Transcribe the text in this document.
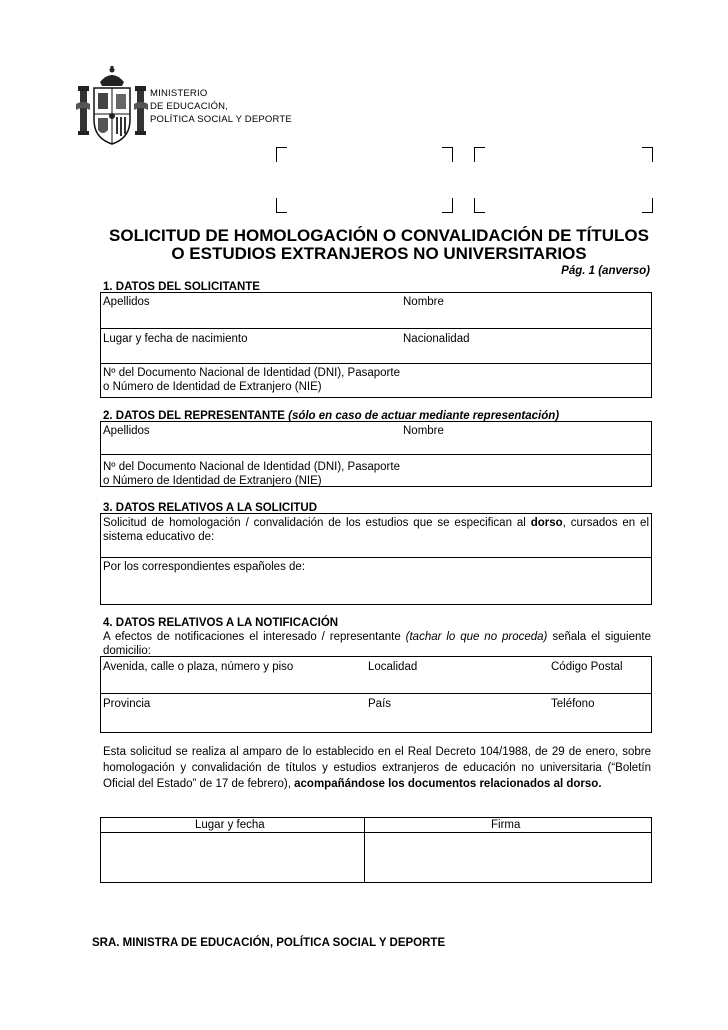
MINISTERIO
DE EDUCACIÓN,
POLÍTICA SOCIAL Y DEPORTE
SOLICITUD DE HOMOLOGACIÓN O CONVALIDACIÓN DE TÍTULOS
O ESTUDIOS EXTRANJEROS NO UNIVERSITARIOS
Pág. 1 (anverso)
1. DATOS DEL SOLICITANTE
Apellidos	Nombre
Lugar y fecha de nacimiento	Nacionalidad
Nº del Documento Nacional de Identidad (DNI), Pasaporte
o Número de Identidad de Extranjero (NIE)
2. DATOS DEL REPRESENTANTE (sólo en caso de actuar mediante representación)
Apellidos	Nombre
Nº del Documento Nacional de Identidad (DNI), Pasaporte
o Número de Identidad de Extranjero (NIE)
3. DATOS RELATIVOS A LA SOLICITUD
Solicitud de homologación / convalidación de los estudios que se especifican al dorso, cursados en el sistema educativo de:
Por los correspondientes españoles de:
4. DATOS RELATIVOS A LA NOTIFICACIÓN
A efectos de notificaciones el interesado / representante (tachar lo que no proceda) señala el siguiente domicilio:
Avenida, calle o plaza, número y piso	Localidad	Código Postal
Provincia	País	Teléfono
Esta solicitud se realiza al amparo de lo establecido en el Real Decreto 104/1988, de 29 de enero, sobre homologación y convalidación de títulos y estudios extranjeros de educación no universitaria (“Boletín Oficial del Estado” de 17 de febrero), acompañándose los documentos relacionados al dorso.
Lugar y fecha	Firma
SRA. MINISTRA DE EDUCACIÓN, POLÍTICA SOCIAL Y DEPORTE
